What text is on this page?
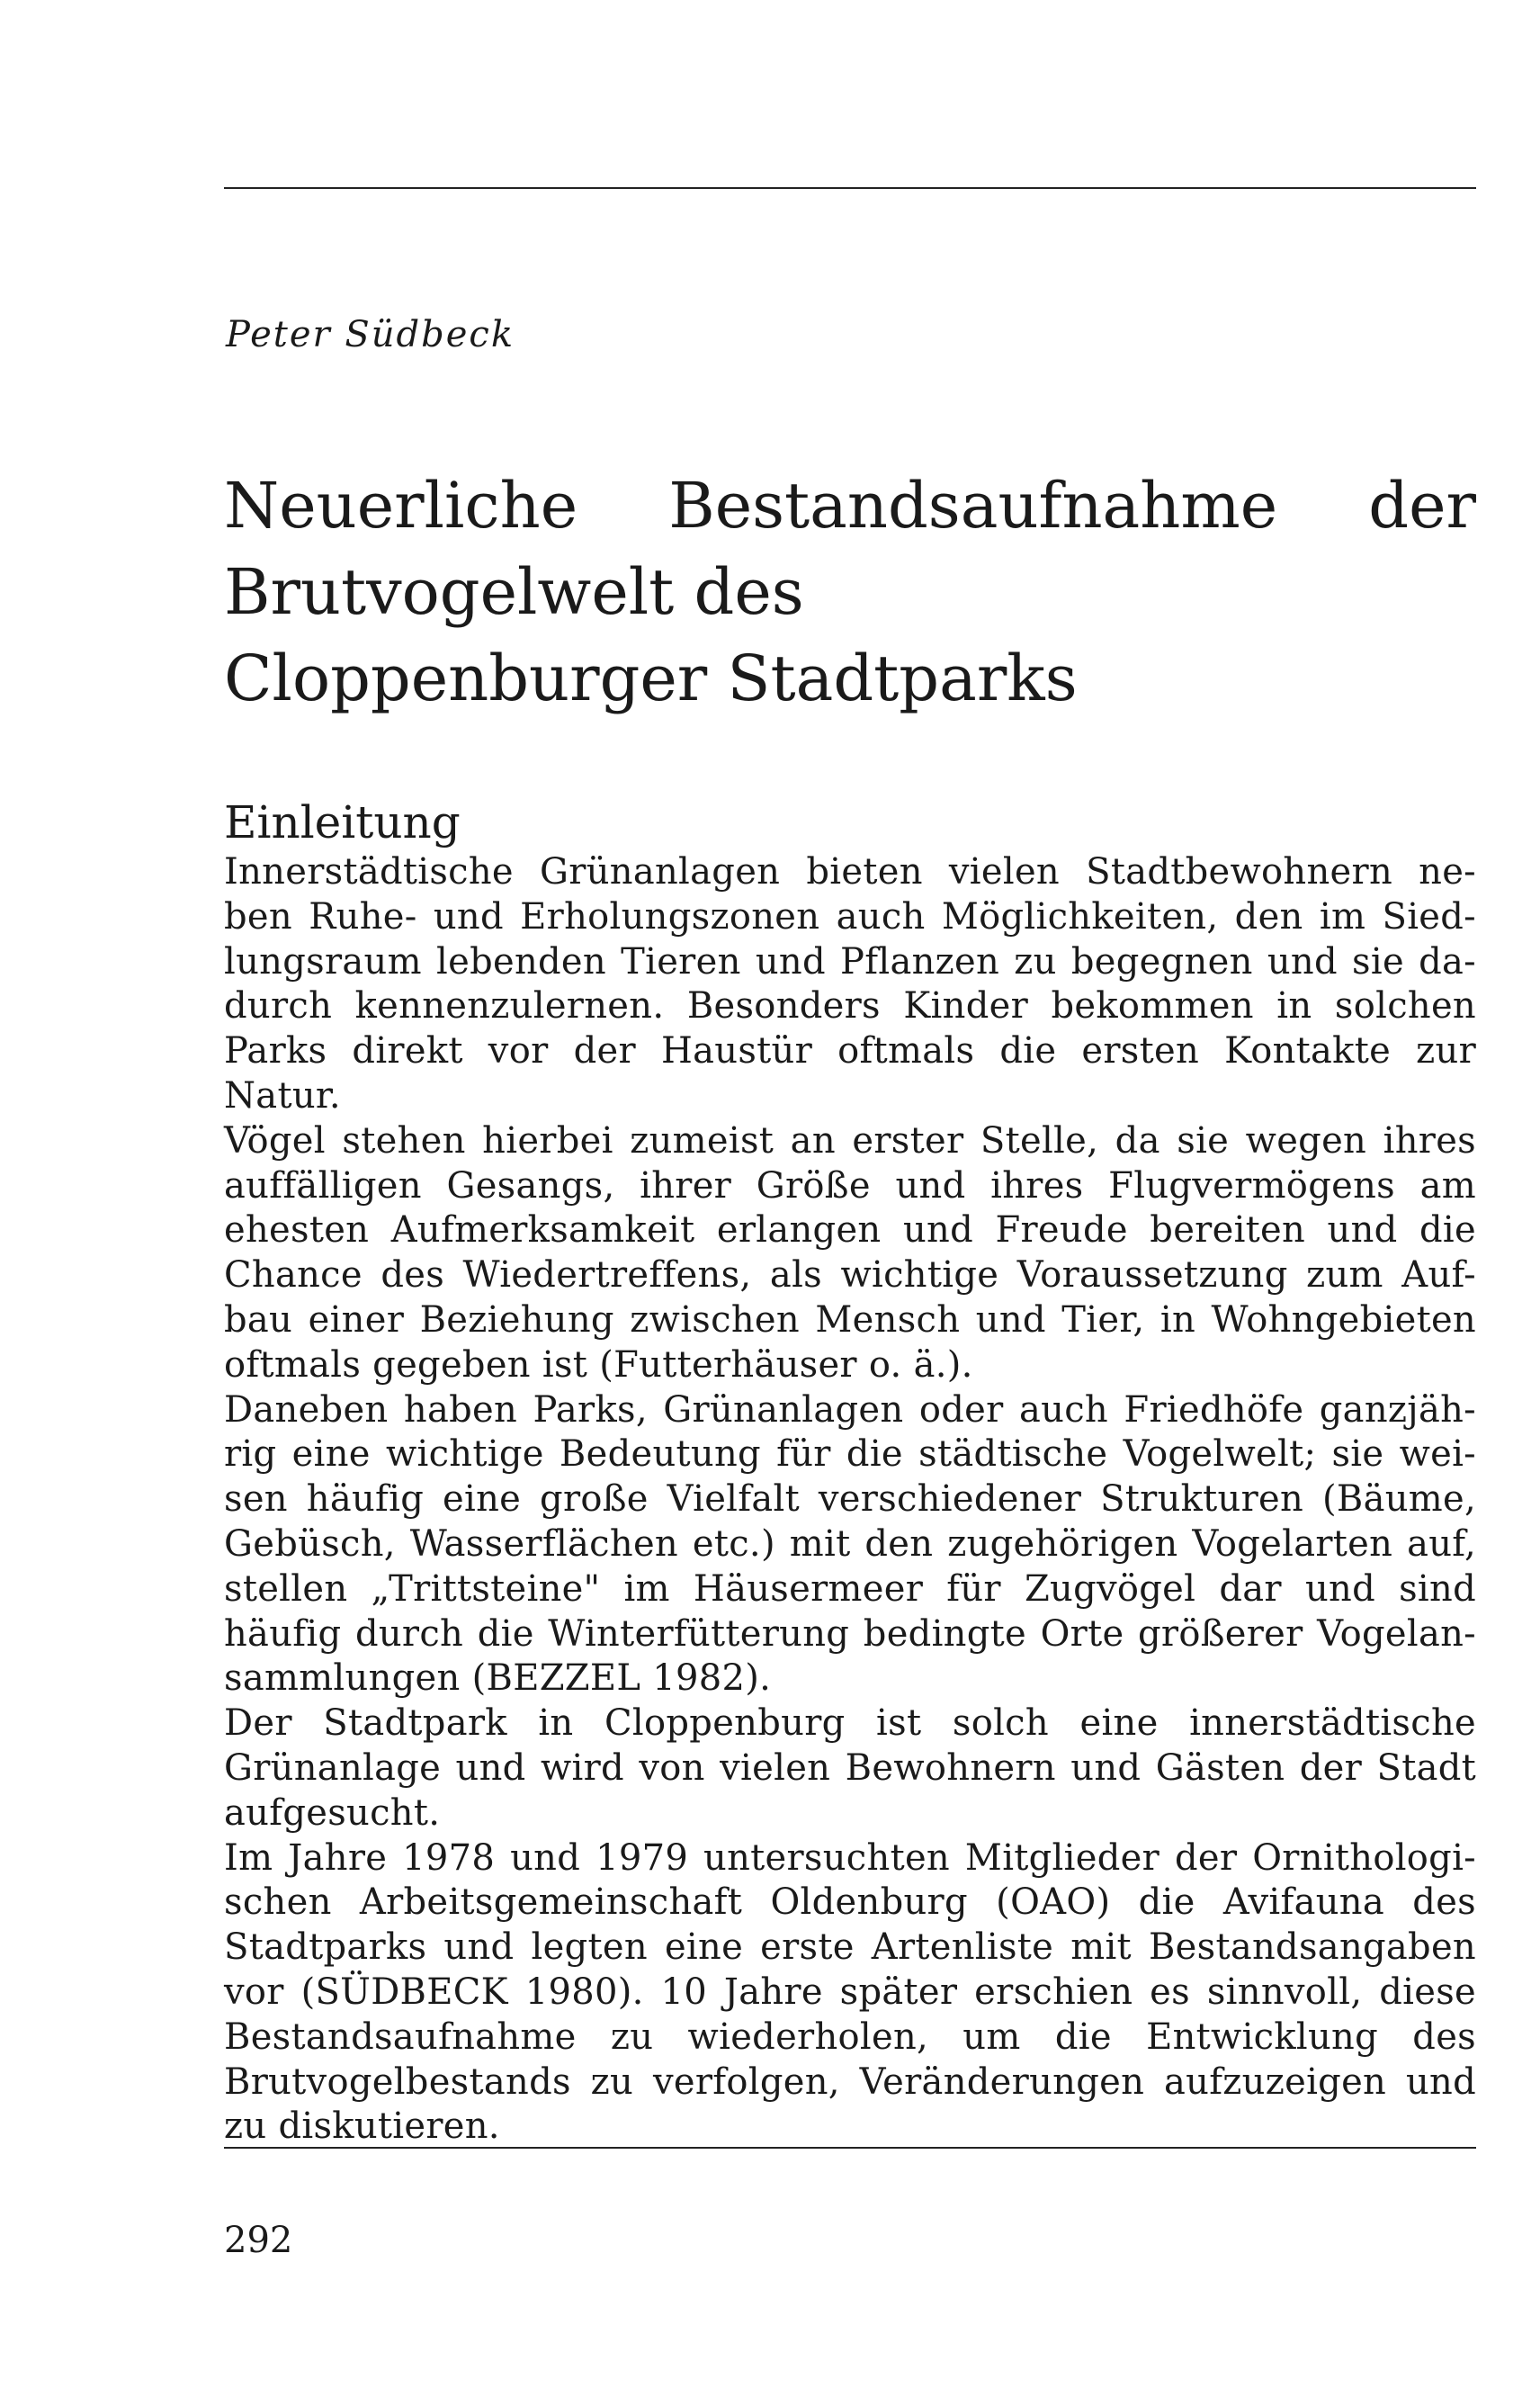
Peter Südbeck

Neuerliche Bestandsaufnahme der
Brutvogelwelt des
Cloppenburger Stadtparks
Einleitung
Innerstädtische Grünanlagen bieten vielen Stadtbewohnern ne-
ben Ruhe- und Erholungszonen auch Möglichkeiten, den im Sied-
lungsraum lebenden Tieren und Pflanzen zu begegnen und sie da-
durch kennenzulernen. Besonders Kinder bekommen in solchen
Parks direkt vor der Haustür oftmals die ersten Kontakte zur
Natur.
Vögel stehen hierbei zumeist an erster Stelle, da sie wegen ihres
auffälligen Gesangs, ihrer Größe und ihres Flugvermögens am
ehesten Aufmerksamkeit erlangen und Freude bereiten und die
Chance des Wiedertreffens, als wichtige Voraussetzung zum Auf-
bau einer Beziehung zwischen Mensch und Tier, in Wohngebieten
oftmals gegeben ist (Futterhäuser o. ä.).
Daneben haben Parks, Grünanlagen oder auch Friedhöfe ganzjäh-
rig eine wichtige Bedeutung für die städtische Vogelwelt; sie wei-
sen häufig eine große Vielfalt verschiedener Strukturen (Bäume,
Gebüsch, Wasserflächen etc.) mit den zugehörigen Vogelarten auf,
stellen „Trittsteine" im Häusermeer für Zugvögel dar und sind
häufig durch die Winterfütterung bedingte Orte größerer Vogelan-
sammlungen (BEZZEL 1982).
Der Stadtpark in Cloppenburg ist solch eine innerstädtische
Grünanlage und wird von vielen Bewohnern und Gästen der Stadt
aufgesucht.
Im Jahre 1978 und 1979 untersuchten Mitglieder der Ornithologi-
schen Arbeitsgemeinschaft Oldenburg (OAO) die Avifauna des
Stadtparks und legten eine erste Artenliste mit Bestandsangaben
vor (SÜDBECK 1980). 10 Jahre später erschien es sinnvoll, diese
Bestandsaufnahme zu wiederholen, um die Entwicklung des
Brutvogelbestands zu verfolgen, Veränderungen aufzuzeigen und
zu diskutieren.

292
